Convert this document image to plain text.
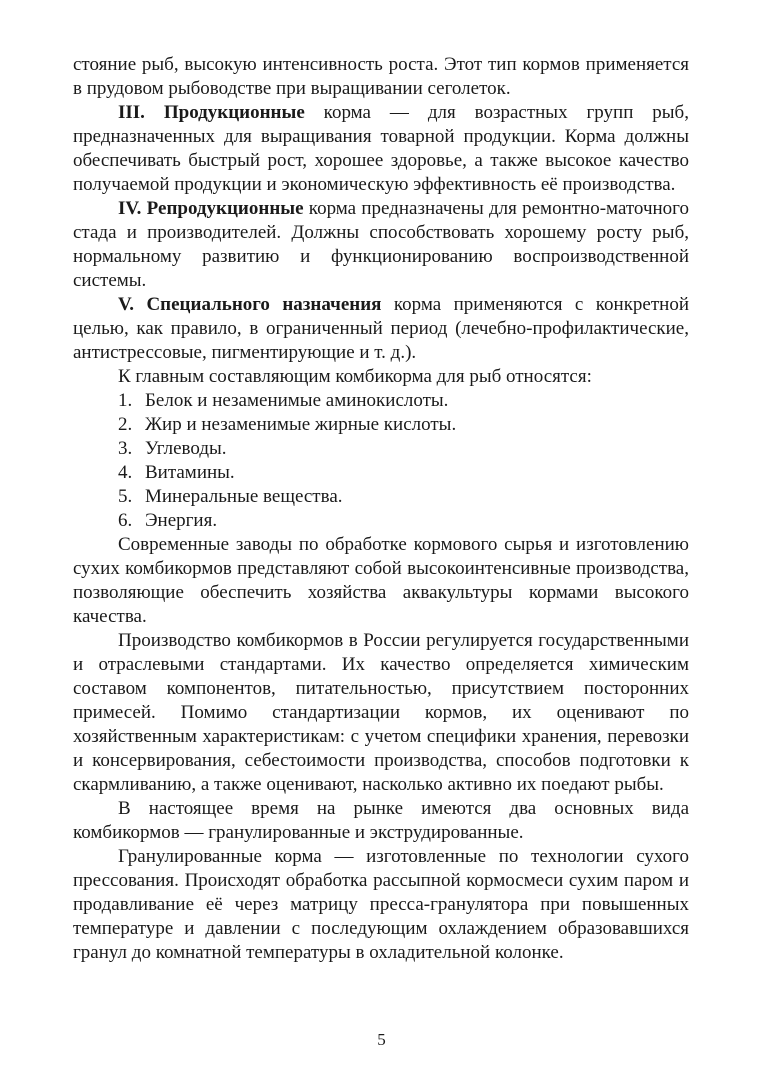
стояние рыб, высокую интенсивность роста. Этот тип кормов применяется в прудовом рыбоводстве при выращивании сеголеток.

III. Продукционные корма — для возрастных групп рыб, предназначенных для выращивания товарной продукции. Корма должны обеспечивать быстрый рост, хорошее здоровье, а также высокое качество получаемой продукции и экономическую эффективность её производства.

IV. Репродукционные корма предназначены для ремонтно-маточного стада и производителей. Должны способствовать хорошему росту рыб, нормальному развитию и функционированию воспроизводственной системы.

V. Специального назначения корма применяются с конкретной целью, как правило, в ограниченный период (лечебно-профилактические, антистрессовые, пигментирующие и т. д.).

К главным составляющим комбикорма для рыб относятся:

1. Белок и незаменимые аминокислоты.

2. Жир и незаменимые жирные кислоты.

3. Углеводы.

4. Витамины.

5. Минеральные вещества.

6. Энергия.

Современные заводы по обработке кормового сырья и изготовлению сухих комбикормов представляют собой высокоинтенсивные производства, позволяющие обеспечить хозяйства аквакультуры кормами высокого качества.

Производство комбикормов в России регулируется государственными и отраслевыми стандартами. Их качество определяется химическим составом компонентов, питательностью, присутствием посторонних примесей. Помимо стандартизации кормов, их оценивают по хозяйственным характеристикам: с учетом специфики хранения, перевозки и консервирования, себестоимости производства, способов подготовки к скармливанию, а также оценивают, насколько активно их поедают рыбы.

В настоящее время на рынке имеются два основных вида комбикормов — гранулированные и экструдированные.

Гранулированные корма — изготовленные по технологии сухого прессования. Происходят обработка рассыпной кормосмеси сухим паром и продавливание её через матрицу пресса-гранулятора при повышенных температуре и давлении с последующим охлаждением образовавшихся гранул до комнатной температуры в охладительной колонке.

5
